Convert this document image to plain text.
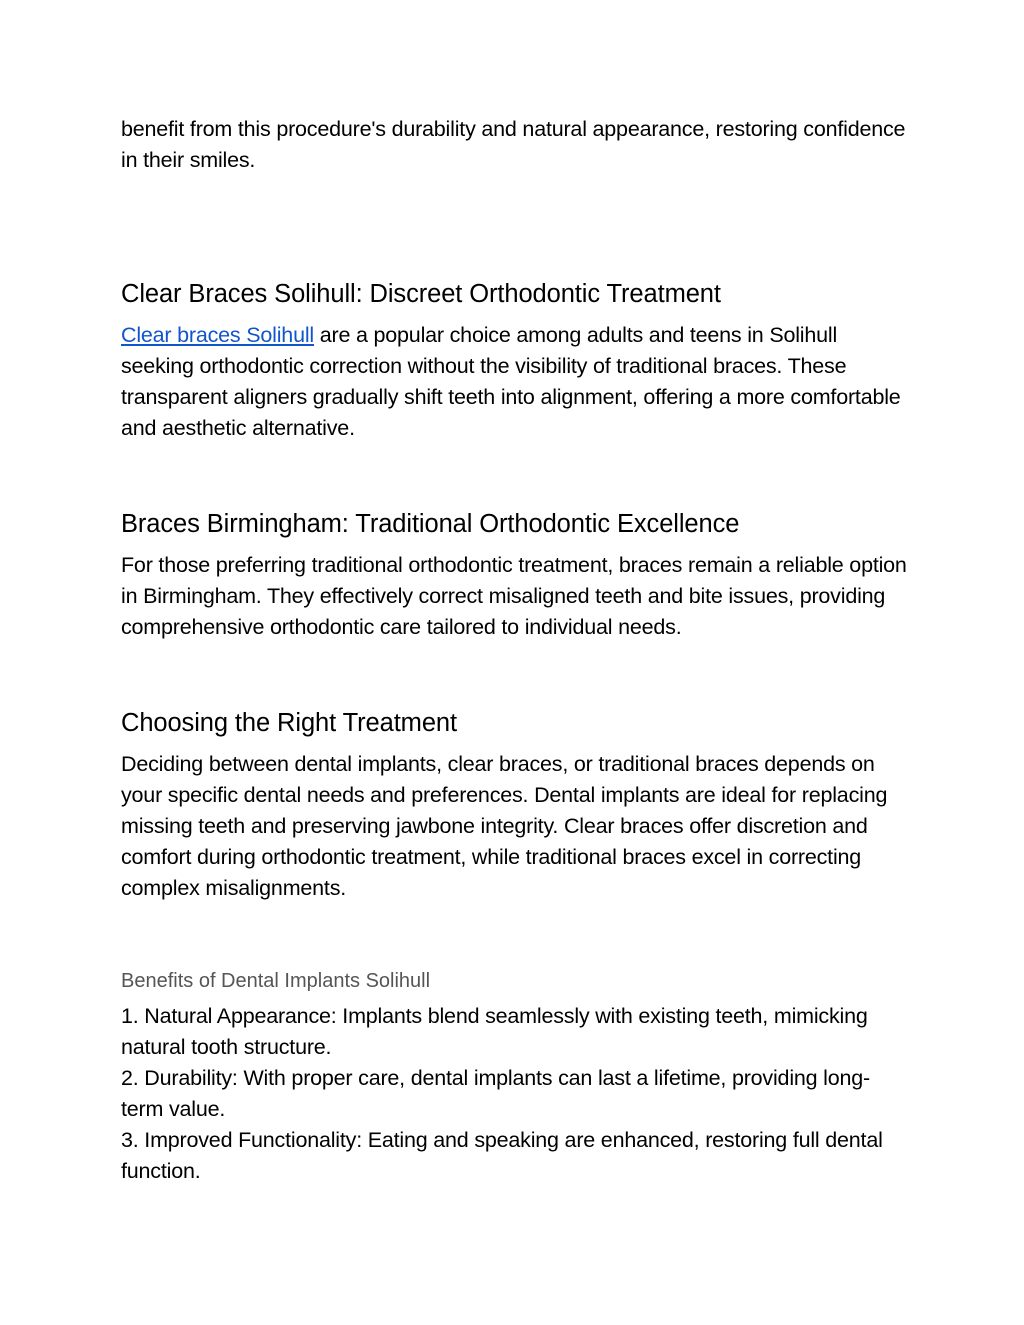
benefit from this procedure's durability and natural appearance, restoring confidence in their smiles.

Clear Braces Solihull: Discreet Orthodontic Treatment

Clear braces Solihull are a popular choice among adults and teens in Solihull seeking orthodontic correction without the visibility of traditional braces. These transparent aligners gradually shift teeth into alignment, offering a more comfortable and aesthetic alternative.

Braces Birmingham: Traditional Orthodontic Excellence

For those preferring traditional orthodontic treatment, braces remain a reliable option in Birmingham. They effectively correct misaligned teeth and bite issues, providing comprehensive orthodontic care tailored to individual needs.

Choosing the Right Treatment

Deciding between dental implants, clear braces, or traditional braces depends on your specific dental needs and preferences. Dental implants are ideal for replacing missing teeth and preserving jawbone integrity. Clear braces offer discretion and comfort during orthodontic treatment, while traditional braces excel in correcting complex misalignments.

Benefits of Dental Implants Solihull

1. Natural Appearance: Implants blend seamlessly with existing teeth, mimicking natural tooth structure.

2. Durability: With proper care, dental implants can last a lifetime, providing long-term value.

3. Improved Functionality: Eating and speaking are enhanced, restoring full dental function.
